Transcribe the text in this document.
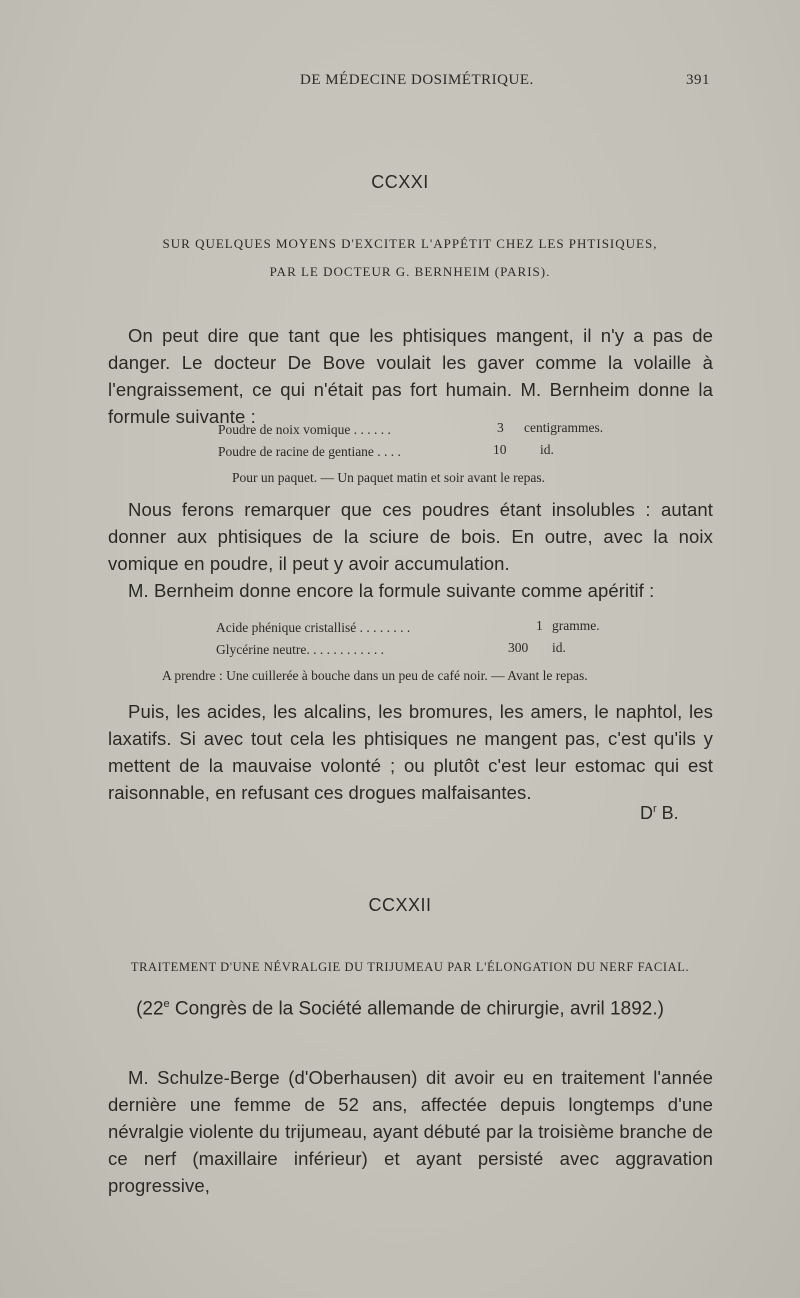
DE MÉDECINE DOSIMÉTRIQUE.	391
CCXXI
SUR QUELQUES MOYENS D'EXCITER L'APPÉTIT CHEZ LES PHTISIQUES,
PAR LE DOCTEUR G. BERNHEIM (PARIS).

On peut dire que tant que les phtisiques mangent, il n'y a pas de danger. Le docteur De Bove voulait les gaver comme la volaille à l'engraissement, ce qui n'était pas fort humain. M. Bernheim donne la formule suivante :

Poudre de noix vomique . . . . . .	3 centigrammes.
Poudre de racine de gentiane . . . .	10 id.
Pour un paquet. — Un paquet matin et soir avant le repas.

Nous ferons remarquer que ces poudres étant insolubles : autant donner aux phtisiques de la sciure de bois. En outre, avec la noix vomique en poudre, il peut y avoir accumulation.

M. Bernheim donne encore la formule suivante comme apéritif :

Acide phénique cristallisé . . . . . . . .	1 gramme.
Glycérine neutre. . . . . . . . . . . .	300 id.
A prendre : Une cuillerée à bouche dans un peu de café noir. — Avant le repas.

Puis, les acides, les alcalins, les bromures, les amers, le naphtol, les laxatifs. Si avec tout cela les phtisiques ne mangent pas, c'est qu'ils y mettent de la mauvaise volonté ; ou plutôt c'est leur estomac qui est raisonnable, en refusant ces drogues malfaisantes.

$D^r$ B.
CCXXII
TRAITEMENT D'UNE NÉVRALGIE DU TRIJUMEAU PAR L'ÉLONGATION DU NERF FACIAL.
(22e Congrès de la Société allemande de chirurgie, avril 1892.)

M. Schulze-Berge (d'Oberhausen) dit avoir eu en traitement l'année dernière une femme de 52 ans, affectée depuis longtemps d'une névralgie violente du trijumeau, ayant débuté par la troisième branche de ce nerf (maxillaire inférieur) et ayant persisté avec aggravation progressive,
